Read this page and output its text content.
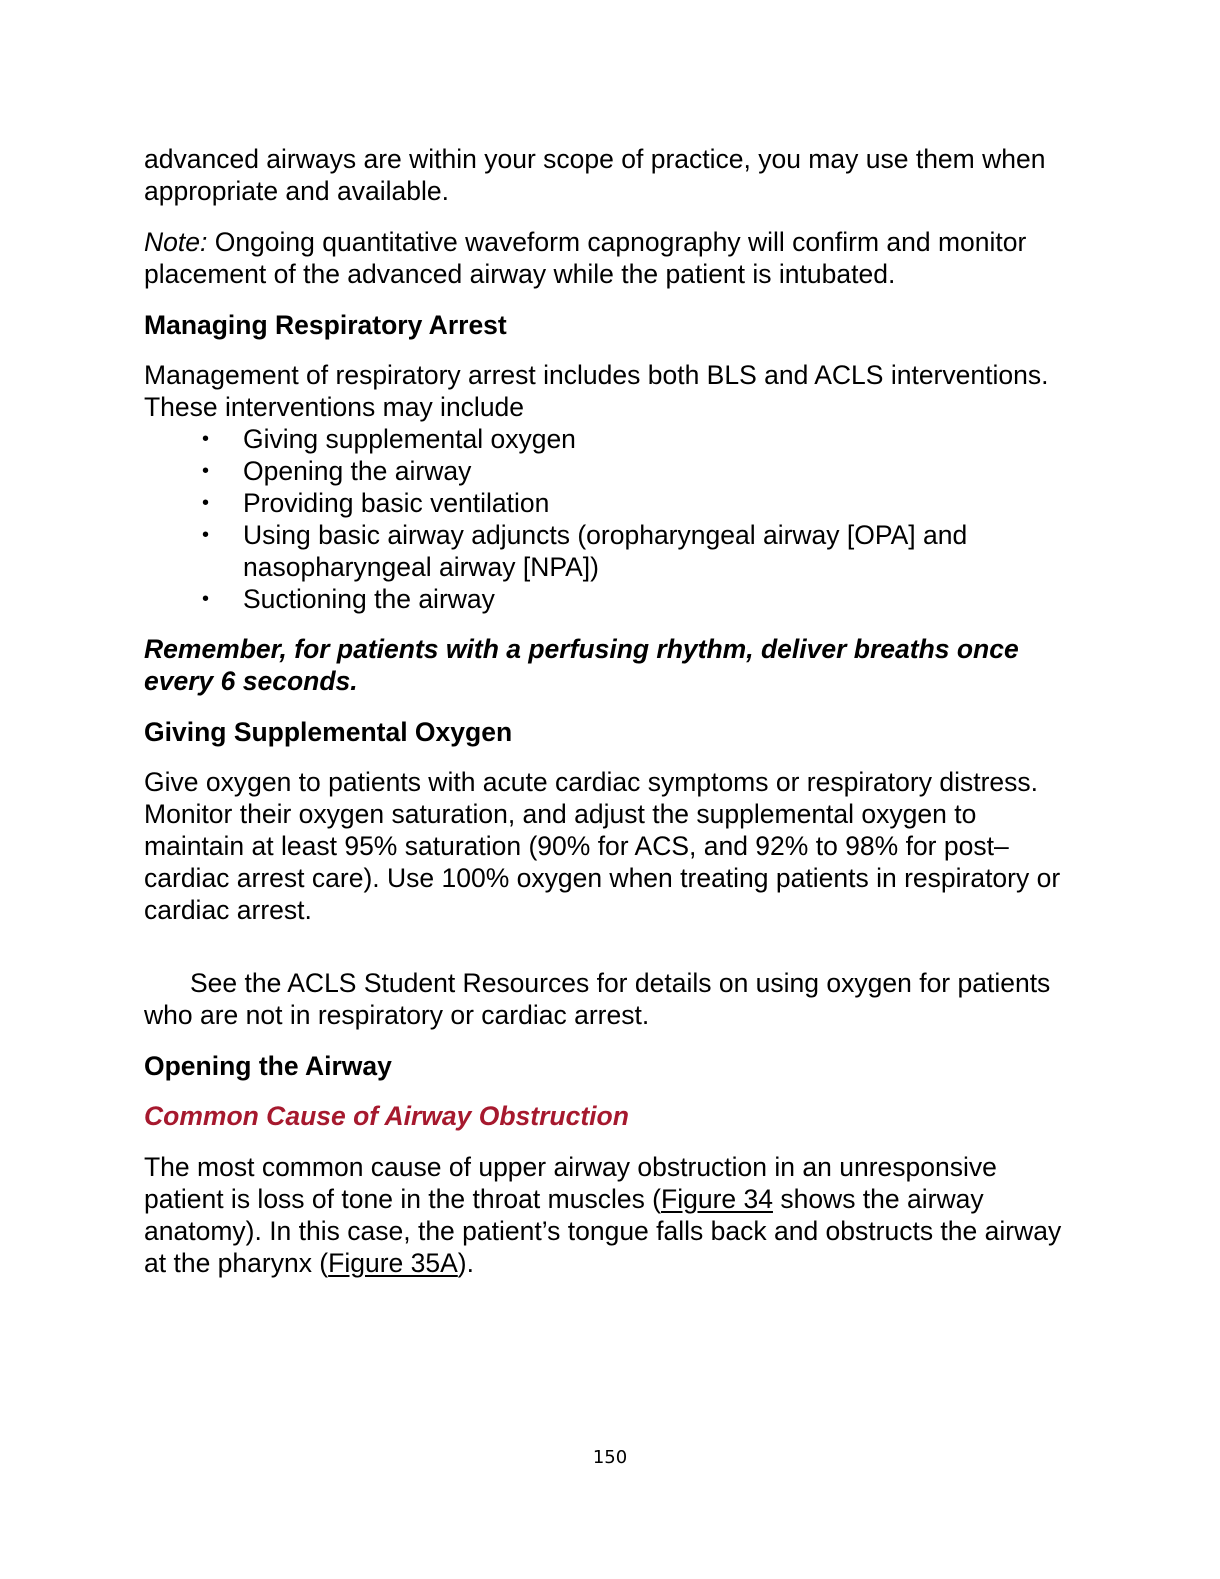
advanced airways are within your scope of practice, you may use them when appropriate and available.

Note: Ongoing quantitative waveform capnography will confirm and monitor placement of the advanced airway while the patient is intubated.

Managing Respiratory Arrest

Management of respiratory arrest includes both BLS and ACLS interventions. These interventions may include

• Giving supplemental oxygen
• Opening the airway
• Providing basic ventilation
• Using basic airway adjuncts (oropharyngeal airway [OPA] and nasopharyngeal airway [NPA])
• Suctioning the airway
Remember, for patients with a perfusing rhythm, deliver breaths once every 6 seconds.
Giving Supplemental Oxygen

Give oxygen to patients with acute cardiac symptoms or respiratory distress. Monitor their oxygen saturation, and adjust the supplemental oxygen to maintain at least 95% saturation (90% for ACS, and 92% to 98% for post–cardiac arrest care). Use 100% oxygen when treating patients in respiratory or cardiac arrest.

See the ACLS Student Resources for details on using oxygen for patients who are not in respiratory or cardiac arrest.

Opening the Airway
Common Cause of Airway Obstruction

The most common cause of upper airway obstruction in an unresponsive patient is loss of tone in the throat muscles (Figure 34 shows the airway anatomy). In this case, the patient’s tongue falls back and obstructs the airway at the pharynx (Figure 35A).

150
